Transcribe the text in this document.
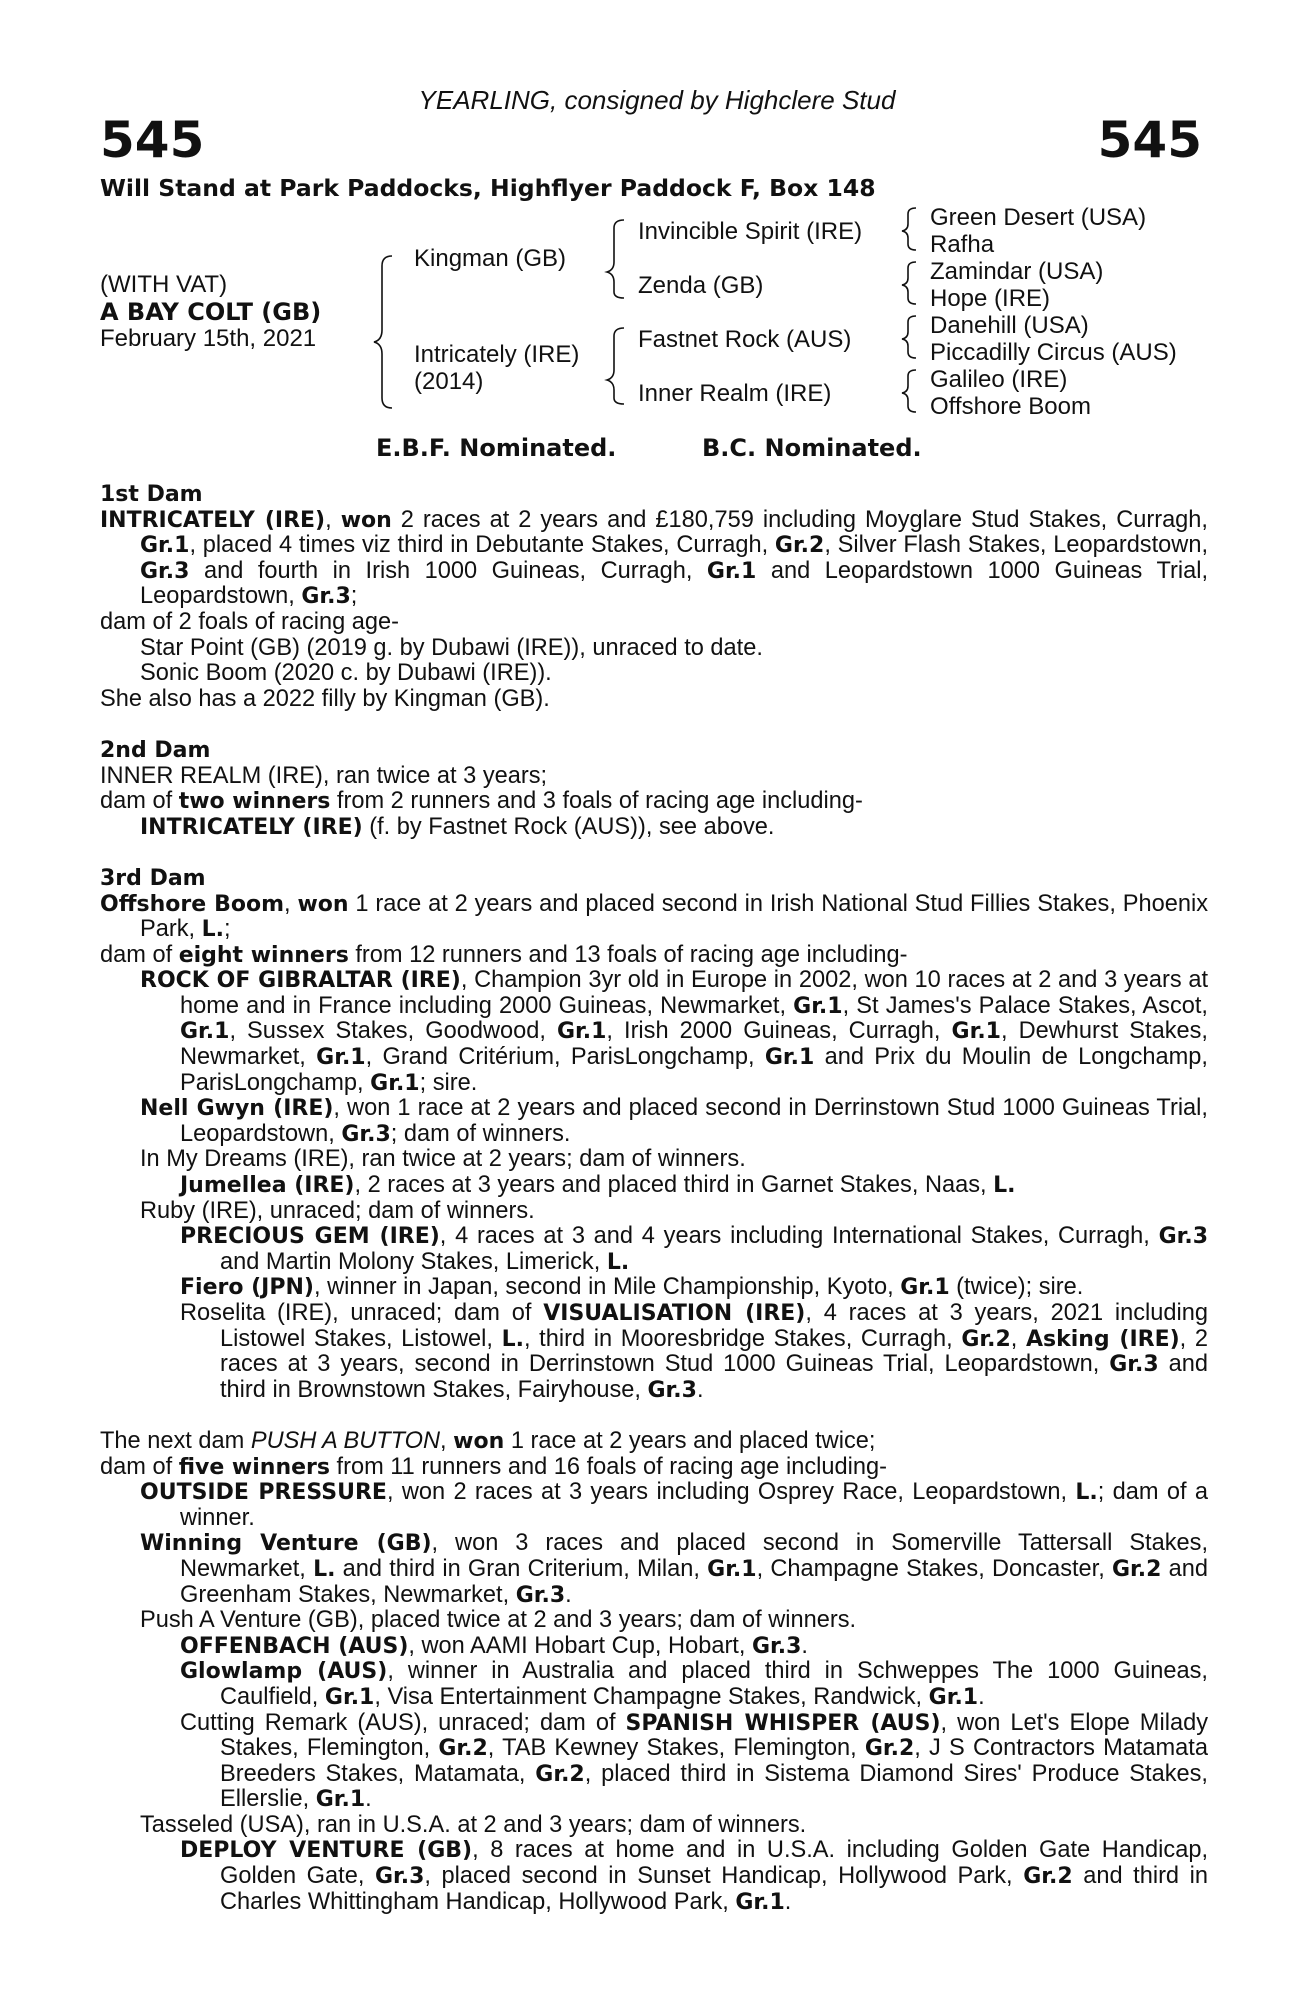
YEARLING, consigned by Highclere Stud
545	545
Will Stand at Park Paddocks, Highflyer Paddock F, Box 148
(WITH VAT)
A BAY COLT (GB)
February 15th, 2021
Kingman (GB)
Intricately (IRE)
(2014)
Invincible Spirit (IRE)
Zenda (GB)
Fastnet Rock (AUS)
Inner Realm (IRE)
Green Desert (USA)
Rafha
Zamindar (USA)
Hope (IRE)
Danehill (USA)
Piccadilly Circus (AUS)
Galileo (IRE)
Offshore Boom
E.B.F. Nominated.	B.C. Nominated.
1st Dam
INTRICATELY (IRE), won 2 races at 2 years and £180,759 including Moyglare Stud Stakes, Curragh, Gr.1, placed 4 times viz third in Debutante Stakes, Curragh, Gr.2, Silver Flash Stakes, Leopardstown, Gr.3 and fourth in Irish 1000 Guineas, Curragh, Gr.1 and Leopardstown 1000 Guineas Trial, Leopardstown, Gr.3;
dam of 2 foals of racing age-
Star Point (GB) (2019 g. by Dubawi (IRE)), unraced to date.
Sonic Boom (2020 c. by Dubawi (IRE)).
She also has a 2022 filly by Kingman (GB).
2nd Dam
INNER REALM (IRE), ran twice at 3 years;
dam of two winners from 2 runners and 3 foals of racing age including-
INTRICATELY (IRE) (f. by Fastnet Rock (AUS)), see above.
3rd Dam
Offshore Boom, won 1 race at 2 years and placed second in Irish National Stud Fillies Stakes, Phoenix Park, L.;
dam of eight winners from 12 runners and 13 foals of racing age including-
ROCK OF GIBRALTAR (IRE), Champion 3yr old in Europe in 2002, won 10 races at 2 and 3 years at home and in France including 2000 Guineas, Newmarket, Gr.1, St James's Palace Stakes, Ascot, Gr.1, Sussex Stakes, Goodwood, Gr.1, Irish 2000 Guineas, Curragh, Gr.1, Dewhurst Stakes, Newmarket, Gr.1, Grand Critérium, ParisLongchamp, Gr.1 and Prix du Moulin de Longchamp, ParisLongchamp, Gr.1; sire.
Nell Gwyn (IRE), won 1 race at 2 years and placed second in Derrinstown Stud 1000 Guineas Trial, Leopardstown, Gr.3; dam of winners.
In My Dreams (IRE), ran twice at 2 years; dam of winners.
Jumellea (IRE), 2 races at 3 years and placed third in Garnet Stakes, Naas, L.
Ruby (IRE), unraced; dam of winners.
PRECIOUS GEM (IRE), 4 races at 3 and 4 years including International Stakes, Curragh, Gr.3 and Martin Molony Stakes, Limerick, L.
Fiero (JPN), winner in Japan, second in Mile Championship, Kyoto, Gr.1 (twice); sire.
Roselita (IRE), unraced; dam of VISUALISATION (IRE), 4 races at 3 years, 2021 including Listowel Stakes, Listowel, L., third in Mooresbridge Stakes, Curragh, Gr.2, Asking (IRE), 2 races at 3 years, second in Derrinstown Stud 1000 Guineas Trial, Leopardstown, Gr.3 and third in Brownstown Stakes, Fairyhouse, Gr.3.
The next dam PUSH A BUTTON, won 1 race at 2 years and placed twice;
dam of five winners from 11 runners and 16 foals of racing age including-
OUTSIDE PRESSURE, won 2 races at 3 years including Osprey Race, Leopardstown, L.; dam of a winner.
Winning Venture (GB), won 3 races and placed second in Somerville Tattersall Stakes, Newmarket, L. and third in Gran Criterium, Milan, Gr.1, Champagne Stakes, Doncaster, Gr.2 and Greenham Stakes, Newmarket, Gr.3.
Push A Venture (GB), placed twice at 2 and 3 years; dam of winners.
OFFENBACH (AUS), won AAMI Hobart Cup, Hobart, Gr.3.
Glowlamp (AUS), winner in Australia and placed third in Schweppes The 1000 Guineas, Caulfield, Gr.1, Visa Entertainment Champagne Stakes, Randwick, Gr.1.
Cutting Remark (AUS), unraced; dam of SPANISH WHISPER (AUS), won Let's Elope Milady Stakes, Flemington, Gr.2, TAB Kewney Stakes, Flemington, Gr.2, J S Contractors Matamata Breeders Stakes, Matamata, Gr.2, placed third in Sistema Diamond Sires' Produce Stakes, Ellerslie, Gr.1.
Tasseled (USA), ran in U.S.A. at 2 and 3 years; dam of winners.
DEPLOY VENTURE (GB), 8 races at home and in U.S.A. including Golden Gate Handicap, Golden Gate, Gr.3, placed second in Sunset Handicap, Hollywood Park, Gr.2 and third in Charles Whittingham Handicap, Hollywood Park, Gr.1.
